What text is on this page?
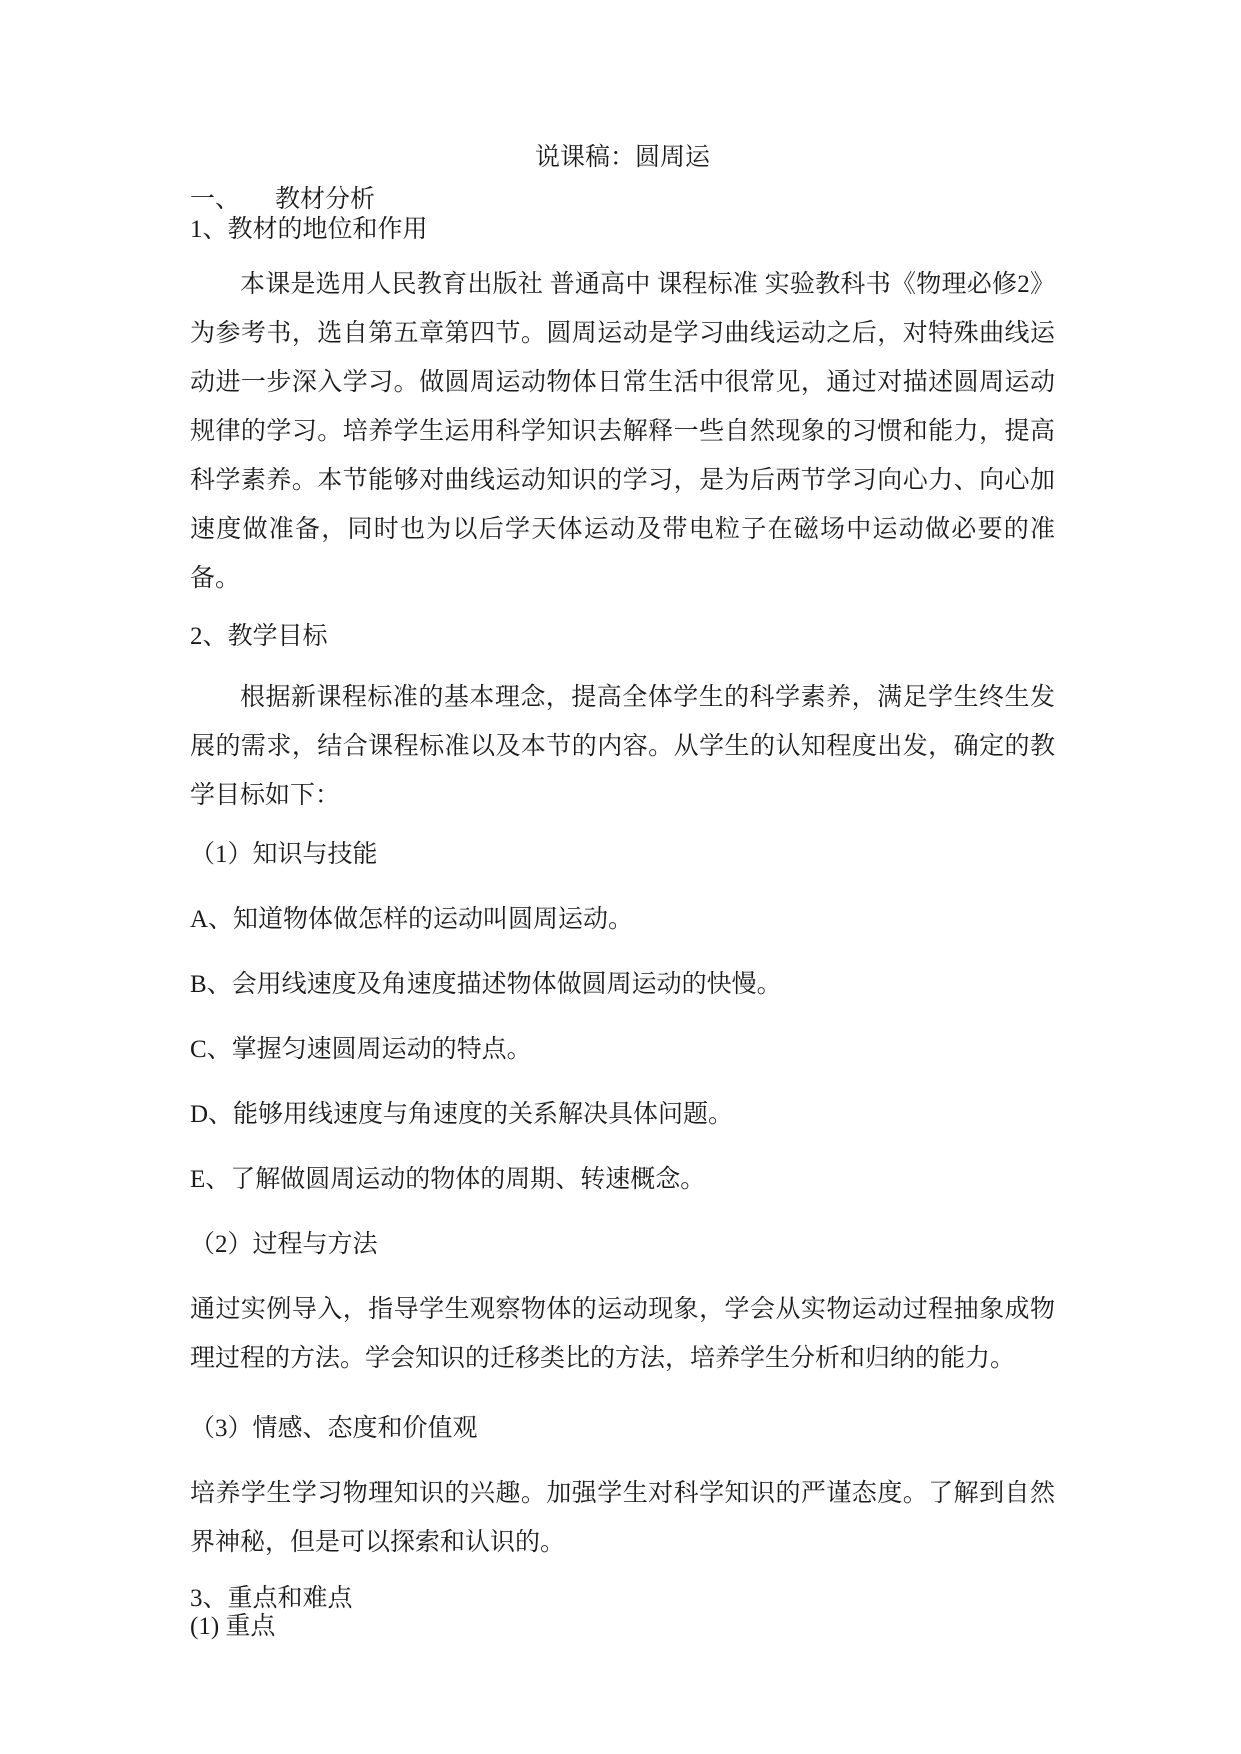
说课稿：圆周运

一、 教材分析

1、教材的地位和作用

本课是选用人民教育出版社 普通高中 课程标准 实验教科书《物理必修2》为参考书，选自第五章第四节。圆周运动是学习曲线运动之后，对特殊曲线运动进一步深入学习。做圆周运动物体日常生活中很常见，通过对描述圆周运动规律的学习。培养学生运用科学知识去解释一些自然现象的习惯和能力，提高科学素养。本节能够对曲线运动知识的学习，是为后两节学习向心力、向心加速度做准备，同时也为以后学天体运动及带电粒子在磁场中运动做必要的准备。

2、教学目标

根据新课程标准的基本理念，提高全体学生的科学素养，满足学生终生发展的需求，结合课程标准以及本节的内容。从学生的认知程度出发，确定的教学目标如下：

（1）知识与技能

A、知道物体做怎样的运动叫圆周运动。

B、会用线速度及角速度描述物体做圆周运动的快慢。

C、掌握匀速圆周运动的特点。

D、能够用线速度与角速度的关系解决具体问题。

E、了解做圆周运动的物体的周期、转速概念。

（2）过程与方法

通过实例导入，指导学生观察物体的运动现象，学会从实物运动过程抽象成物理过程的方法。学会知识的迁移类比的方法，培养学生分析和归纳的能力。

（3）情感、态度和价值观

培养学生学习物理知识的兴趣。加强学生对科学知识的严谨态度。了解到自然界神秘，但是可以探索和认识的。

3、重点和难点

(1) 重点
